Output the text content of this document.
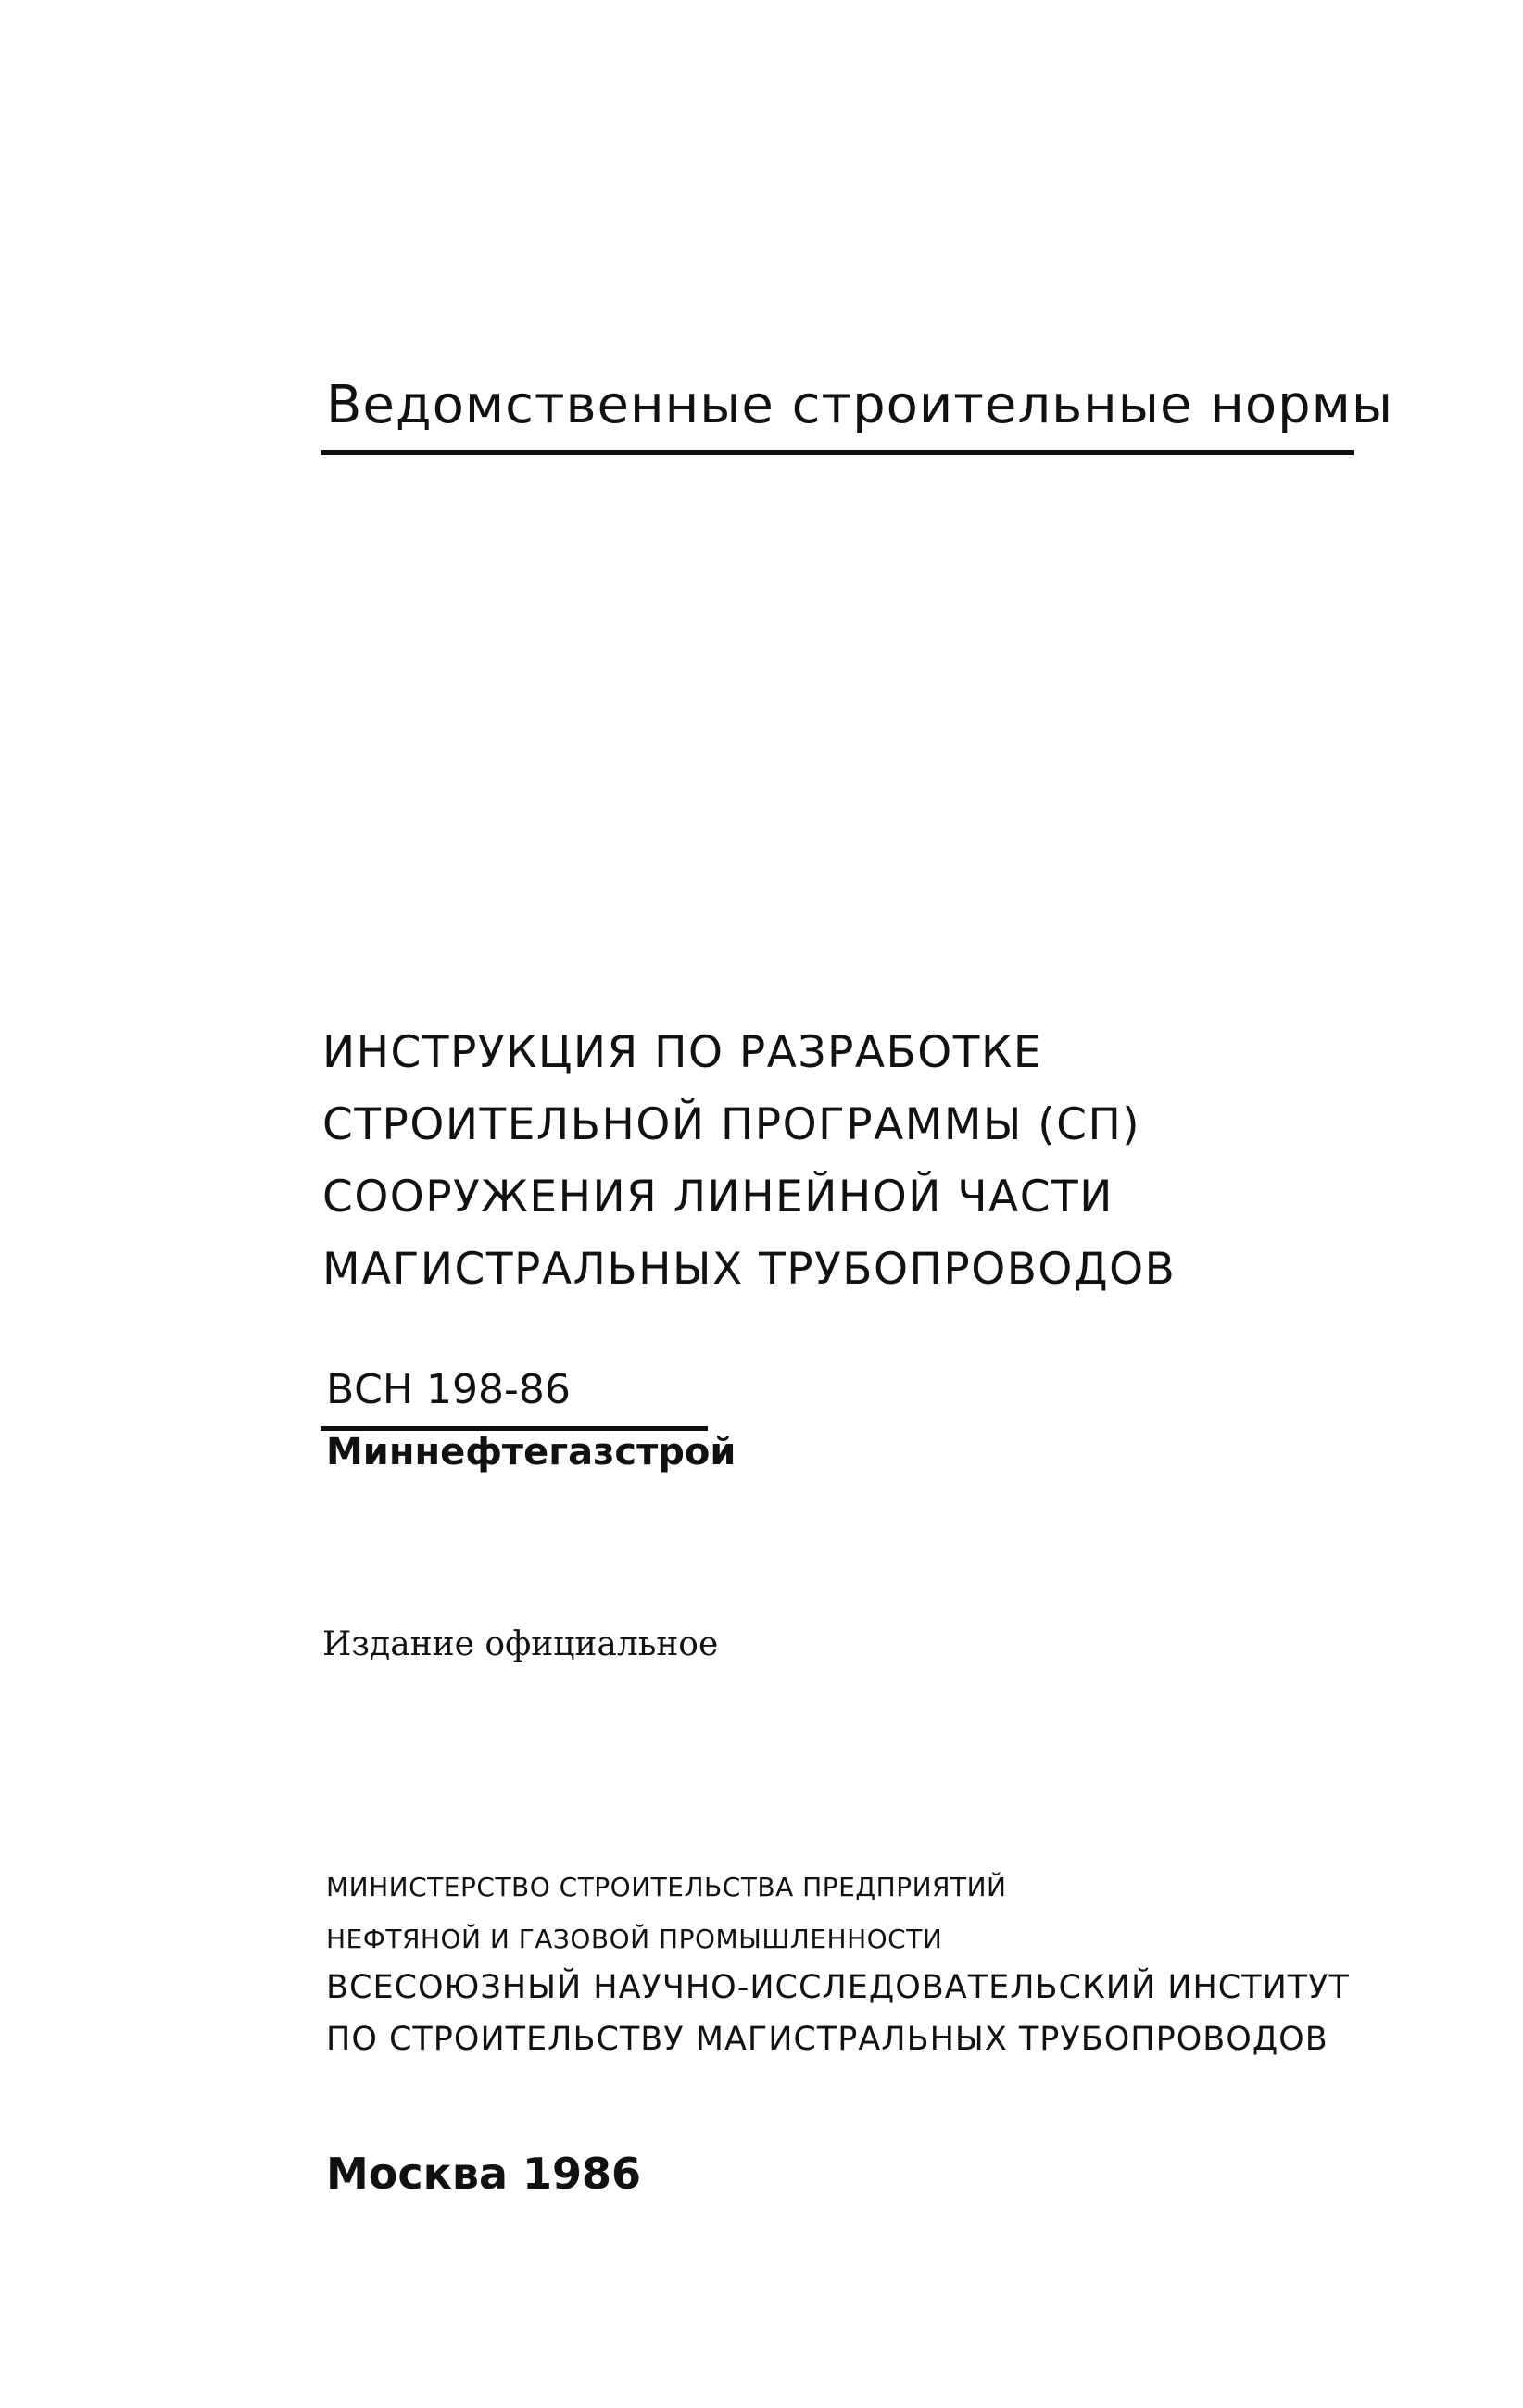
Ведомственные строительные нормы
ИНСТРУКЦИЯ ПО РАЗРАБОТКЕ
СТРОИТЕЛЬНОЙ ПРОГРАММЫ (СП)
СООРУЖЕНИЯ ЛИНЕЙНОЙ ЧАСТИ
МАГИСТРАЛЬНЫХ ТРУБОПРОВОДОВ
ВСН 198-86
Миннефтегазстрой
Издание официальное
МИНИСТЕРСТВО СТРОИТЕЛЬСТВА ПРЕДПРИЯТИЙ
НЕФТЯНОЙ И ГАЗОВОЙ ПРОМЫШЛЕННОСТИ
ВСЕСОЮЗНЫЙ НАУЧНО-ИССЛЕДОВАТЕЛЬСКИЙ ИНСТИТУТ
ПО СТРОИТЕЛЬСТВУ МАГИСТРАЛЬНЫХ ТРУБОПРОВОДОВ
Москва 1986
